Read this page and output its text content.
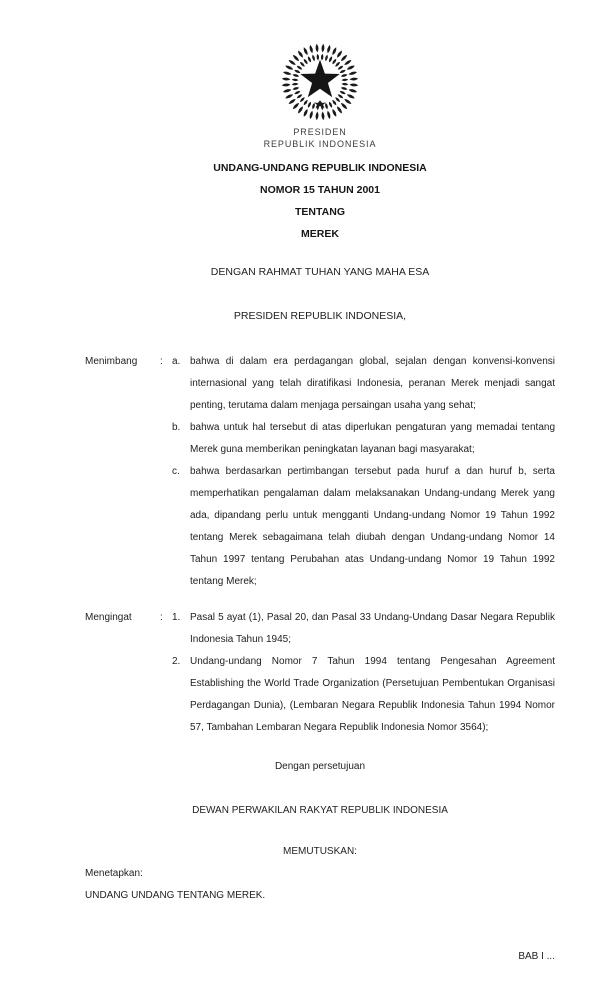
PRESIDEN
REPUBLIK INDONESIA
UNDANG-UNDANG REPUBLIK INDONESIA
NOMOR 15 TAHUN 2001
TENTANG
MEREK
DENGAN RAHMAT TUHAN YANG MAHA ESA
PRESIDEN REPUBLIK INDONESIA,
Menimbang	: a. bahwa di dalam era perdagangan global, sejalan dengan konvensi-konvensi internasional yang telah diratifikasi Indonesia, peranan Merek menjadi sangat penting, terutama dalam menjaga persaingan usaha yang sehat;
b. bahwa untuk hal tersebut di atas diperlukan pengaturan yang memadai tentang Merek guna memberikan peningkatan layanan bagi masyarakat;
c.	bahwa berdasarkan pertimbangan tersebut pada huruf a dan huruf b, serta memperhatikan pengalaman dalam melaksanakan Undang-undang Merek yang ada, dipandang perlu untuk mengganti Undang-undang Nomor 19 Tahun 1992 tentang Merek sebagaimana telah diubah dengan Undang-undang Nomor 14 Tahun 1997 tentang Perubahan atas Undang-undang Nomor 19 Tahun 1992 tentang Merek;
Mengingat	: 1. Pasal 5 ayat (1), Pasal 20, dan Pasal 33 Undang-Undang Dasar Negara Republik Indonesia Tahun 1945;
2. Undang-undang Nomor 7 Tahun 1994 tentang Pengesahan Agreement Establishing the World Trade Organization (Persetujuan Pembentukan Organisasi Perdagangan Dunia), (Lembaran Negara Republik Indonesia Tahun 1994 Nomor 57, Tambahan Lembaran Negara Republik Indonesia Nomor 3564);
Dengan persetujuan
DEWAN PERWAKILAN RAKYAT REPUBLIK INDONESIA
MEMUTUSKAN:
Menetapkan:
UNDANG UNDANG TENTANG MEREK.
BAB I ...
